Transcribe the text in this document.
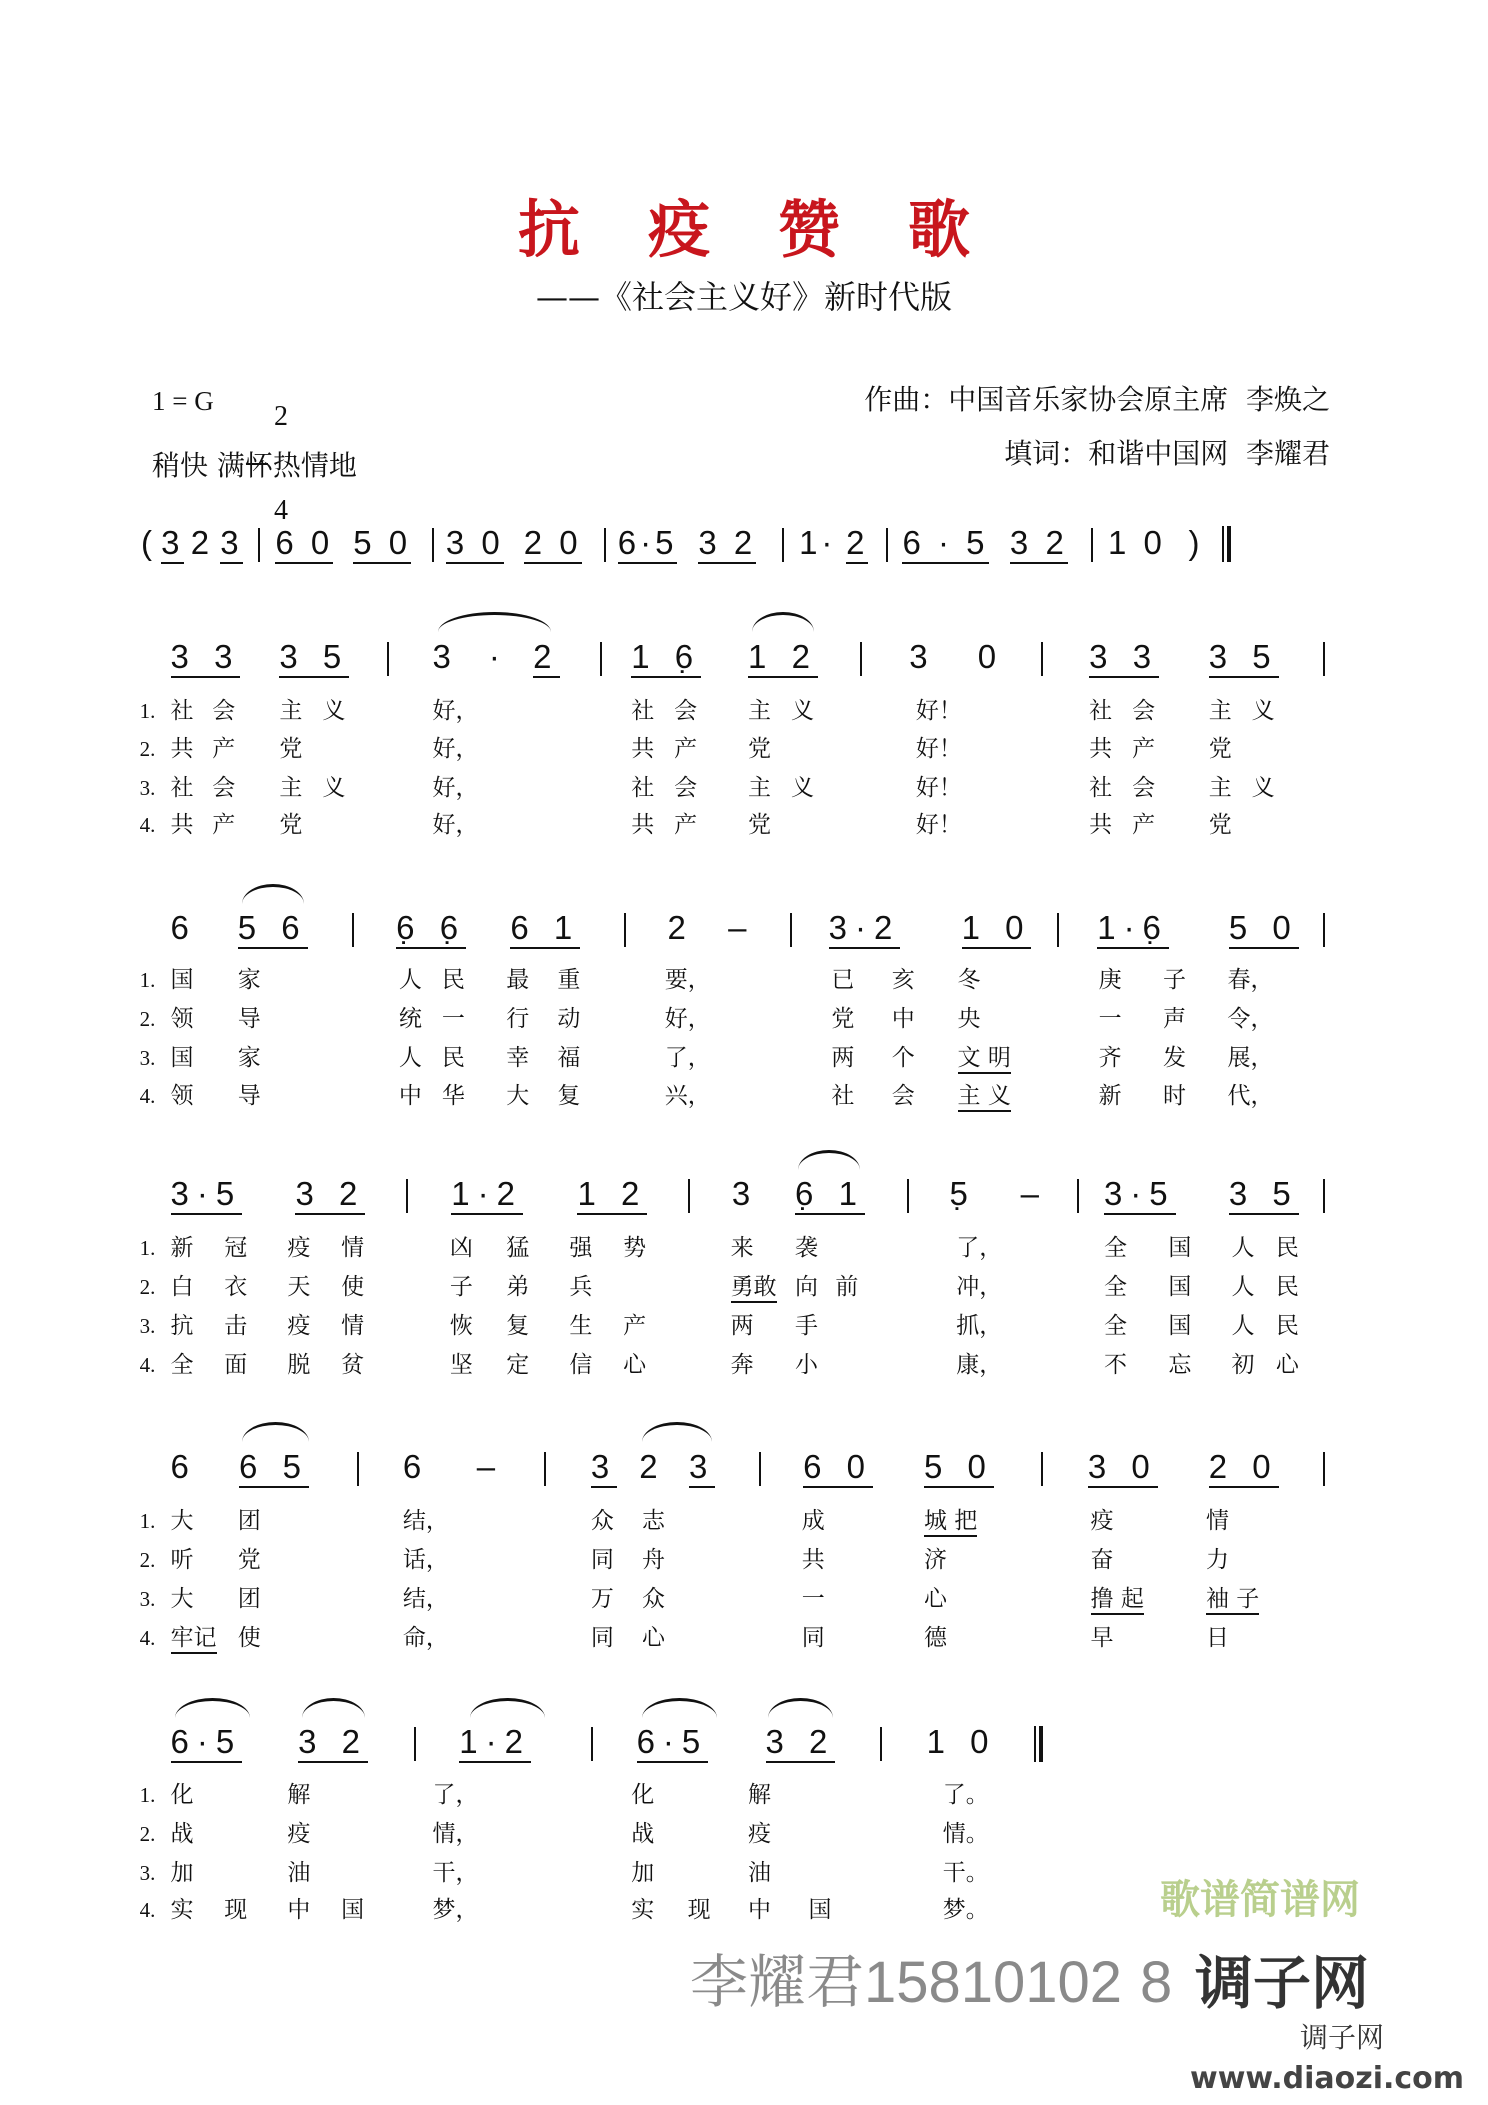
抗疫赞歌
——《社会主义好》新时代版
1 = G	2

4

稍快 满怀热情地
作曲：中国音乐家协会原主席  李焕之
填词：和谐中国网  李耀君
( 3 2 3 6 0 5 0 3 0 2 0 6·5 3 2 1· 2 6 · 5 3 2 1 0 )
3 3 3 5	3 · 2 1 6̣ 1 2	3 0	3 3 3 5
1. 社 会 主 义	好，	社 会 主 义	好！	社 会 主 义
2. 共 产 党	好，	共 产 党	好！	共 产 党
3. 社 会 主 义	好，	社 会 主 义	好！	社 会 主 义
4. 共 产 党	好，	共 产 党	好！	共 产 党
6 5 6	6̣ 6̣ 6 1	2  – 3·2 1 0 1·6̣ 5 0
1. 国 家	人 民 最 重	要，	已 亥 冬	庚 子 春，
2. 领 导	统 一 行 动	好，	党 中 央	一 声 令，
3. 国 家	人 民 幸 福	了，	两 个 文 明	齐 发 展，
4. 领 导	中 华 大 复	兴，	社 会 主 义	新 时 代，
3·5 3 2	1·2 1 2	3 6̣ 1	5̣ – 3·5 3 5
1. 新 冠 疫 情	凶 猛 强 势	来 袭	了，	全 国 人 民
2. 白 衣 天 使	子 弟 兵	勇敢 向 前	冲，	全 国 人 民
3. 抗 击 疫 情	恢 复 生 产	两 手	抓，	全 国 人 民
4. 全 面 脱 贫	坚 定 信 心	奔 小	康，	不 忘 初 心
6 6 5	6 –	3 2 3	6 0 5 0	3 0 2 0
1. 大 团	结，	众 志	成	城 把	疫	情
2. 听 党	话，	同 舟	共	济	奋	力
3. 大 团	结，	万 众	一	心	撸 起	袖 子
4. 牢记 使	命，	同 心	同	德	早	日
6·5 3 2	1·2	6·5 3 2	1 0
1. 化	解	了，	化	解	了。
2. 战	疫	情，	战	疫	情。
3. 加	油	干，	加	油	干。
4. 实 现 中 国	梦，	实 现 中 国	梦。	歌谱简谱网
李耀君15810102 8 调子网
调子网
www.diaozi.com
